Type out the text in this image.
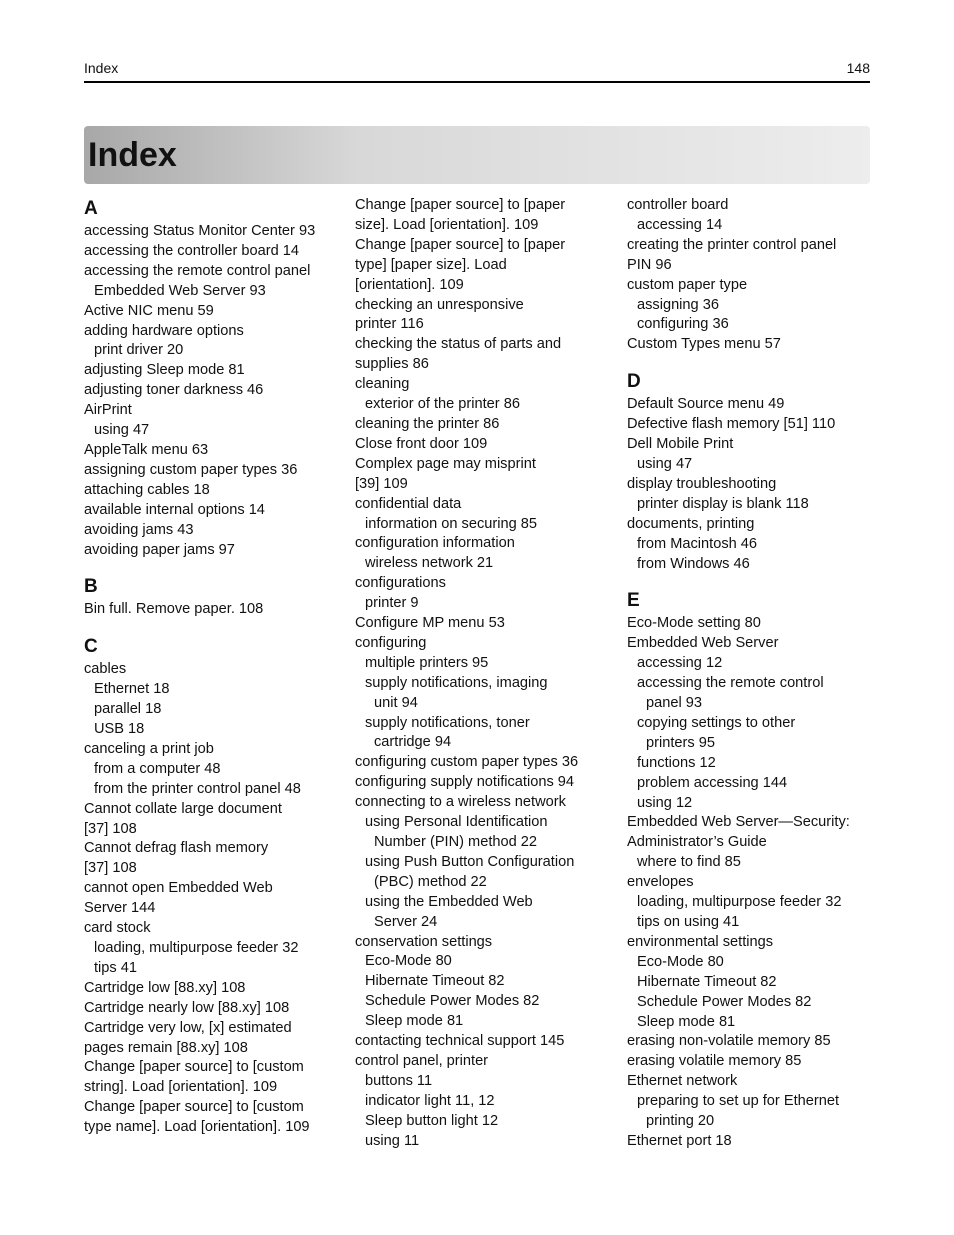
Index	148
Index
A
accessing Status Monitor Center 93
accessing the controller board 14
accessing the remote control panel
Embedded Web Server 93
Active NIC menu 59
adding hardware options
print driver 20
adjusting Sleep mode 81
adjusting toner darkness 46
AirPrint
using 47
AppleTalk menu 63
assigning custom paper types 36
attaching cables 18
available internal options 14
avoiding jams 43
avoiding paper jams 97
B
Bin full. Remove paper. 108
C
cables
Ethernet 18
parallel 18
USB 18
canceling a print job
from a computer 48
from the printer control panel 48
Cannot collate large document
[37] 108
Cannot defrag flash memory
[37] 108
cannot open Embedded Web
Server 144
card stock
loading, multipurpose feeder 32
tips 41
Cartridge low [88.xy] 108
Cartridge nearly low [88.xy] 108
Cartridge very low, [x] estimated
pages remain [88.xy] 108
Change [paper source] to [custom
string]. Load [orientation]. 109
Change [paper source] to [custom
type name]. Load [orientation]. 109
Change [paper source] to [paper
size]. Load [orientation]. 109
Change [paper source] to [paper
type] [paper size]. Load
[orientation]. 109
checking an unresponsive
printer 116
checking the status of parts and
supplies 86
cleaning
exterior of the printer 86
cleaning the printer 86
Close front door 109
Complex page may misprint
[39] 109
confidential data
information on securing 85
configuration information
wireless network 21
configurations
printer 9
Configure MP menu 53
configuring
multiple printers 95
supply notifications, imaging
unit 94
supply notifications, toner
cartridge 94
configuring custom paper types 36
configuring supply notifications 94
connecting to a wireless network
using Personal Identification
Number (PIN) method 22
using Push Button Configuration
(PBC) method 22
using the Embedded Web
Server 24
conservation settings
Eco-Mode 80
Hibernate Timeout 82
Schedule Power Modes 82
Sleep mode 81
contacting technical support 145
control panel, printer
buttons 11
indicator light 11, 12
Sleep button light 12
using 11
controller board
accessing 14
creating the printer control panel
PIN 96
custom paper type
assigning 36
configuring 36
Custom Types menu 57
D
Default Source menu 49
Defective flash memory [51] 110
Dell Mobile Print
using 47
display troubleshooting
printer display is blank 118
documents, printing
from Macintosh 46
from Windows 46
E
Eco-Mode setting 80
Embedded Web Server
accessing 12
accessing the remote control
panel 93
copying settings to other
printers 95
functions 12
problem accessing 144
using 12
Embedded Web Server—Security:
Administrator’s Guide
where to find 85
envelopes
loading, multipurpose feeder 32
tips on using 41
environmental settings
Eco-Mode 80
Hibernate Timeout 82
Schedule Power Modes 82
Sleep mode 81
erasing non-volatile memory 85
erasing volatile memory 85
Ethernet network
preparing to set up for Ethernet
printing 20
Ethernet port 18
